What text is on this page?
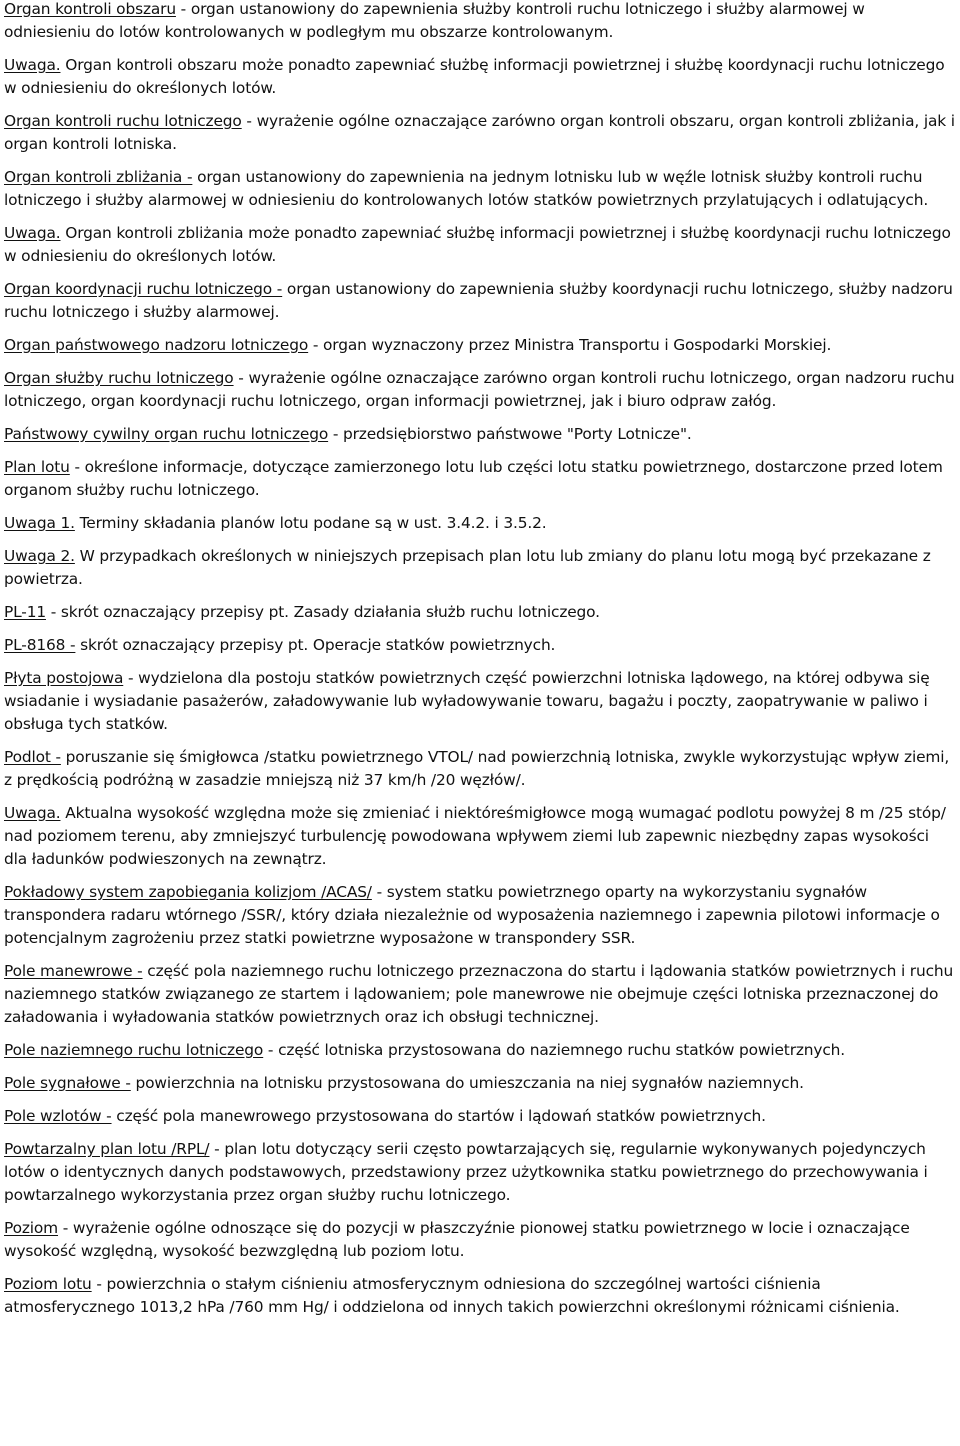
Organ kontroli obszaru - organ ustanowiony do zapewnienia służby kontroli ruchu lotniczego i służby alarmowej w odniesieniu do lotów kontrolowanych w podległym mu obszarze kontrolowanym.

Uwaga. Organ kontroli obszaru może ponadto zapewniać służbę informacji powietrznej i służbę koordynacji ruchu lotniczego w odniesieniu do określonych lotów.

Organ kontroli ruchu lotniczego - wyrażenie ogólne oznaczające zarówno organ kontroli obszaru, organ kontroli zbliżania, jak i organ kontroli lotniska.

Organ kontroli zbliżania - organ ustanowiony do zapewnienia na jednym lotnisku lub w węźle lotnisk służby kontroli ruchu lotniczego i służby alarmowej w odniesieniu do kontrolowanych lotów statków powietrznych przylatujących i odlatujących.

Uwaga. Organ kontroli zbliżania może ponadto zapewniać służbę informacji powietrznej i służbę koordynacji ruchu lotniczego w odniesieniu do określonych lotów.

Organ koordynacji ruchu lotniczego - organ ustanowiony do zapewnienia służby koordynacji ruchu lotniczego, służby nadzoru ruchu lotniczego i służby alarmowej.

Organ państwowego nadzoru lotniczego - organ wyznaczony przez Ministra Transportu i Gospodarki Morskiej.

Organ służby ruchu lotniczego - wyrażenie ogólne oznaczające zarówno organ kontroli ruchu lotniczego, organ nadzoru ruchu lotniczego, organ koordynacji ruchu lotniczego, organ informacji powietrznej, jak i biuro odpraw załóg.

Państwowy cywilny organ ruchu lotniczego - przedsiębiorstwo państwowe "Porty Lotnicze".

Plan lotu - określone informacje, dotyczące zamierzonego lotu lub części lotu statku powietrznego, dostarczone przed lotem organom służby ruchu lotniczego.

Uwaga 1. Terminy składania planów lotu podane są w ust. 3.4.2. i 3.5.2.

Uwaga 2. W przypadkach określonych w niniejszych przepisach plan lotu lub zmiany do planu lotu mogą być przekazane z powietrza.

PL-11 - skrót oznaczający przepisy pt. Zasady działania służb ruchu lotniczego.

PL-8168 - skrót oznaczający przepisy pt. Operacje statków powietrznych.

Płyta postojowa - wydzielona dla postoju statków powietrznych część powierzchni lotniska lądowego, na której odbywa się wsiadanie i wysiadanie pasażerów, załadowywanie lub wyładowywanie towaru, bagażu i poczty, zaopatrywanie w paliwo i obsługa tych statków.

Podlot - poruszanie się śmigłowca /statku powietrznego VTOL/ nad powierzchnią lotniska, zwykle wykorzystując wpływ ziemi, z prędkością podróżną w zasadzie mniejszą niż 37 km/h /20 węzłów/.

Uwaga. Aktualna wysokość względna może się zmieniać i niektóreśmigłowce mogą wumagać podlotu powyżej 8 m /25 stóp/ nad poziomem terenu, aby zmniejszyć turbulencję powodowana wpływem ziemi lub zapewnic niezbędny zapas wysokości dla ładunków podwieszonych na zewnątrz.

Pokładowy system zapobiegania kolizjom /ACAS/ - system statku powietrznego oparty na wykorzystaniu sygnałów transpondera radaru wtórnego /SSR/, który działa niezależnie od wyposażenia naziemnego i zapewnia pilotowi informacje o potencjalnym zagrożeniu przez statki powietrzne wyposażone w transpondery SSR.

Pole manewrowe - część pola naziemnego ruchu lotniczego przeznaczona do startu i lądowania statków powietrznych i ruchu naziemnego statków związanego ze startem i lądowaniem; pole manewrowe nie obejmuje części lotniska przeznaczonej do załadowania i wyładowania statków powietrznych oraz ich obsługi technicznej.

Pole naziemnego ruchu lotniczego - część lotniska przystosowana do naziemnego ruchu statków powietrznych.

Pole sygnałowe - powierzchnia na lotnisku przystosowana do umieszczania na niej sygnałów naziemnych.

Pole wzlotów - część pola manewrowego przystosowana do startów i lądowań statków powietrznych.

Powtarzalny plan lotu /RPL/ - plan lotu dotyczący serii często powtarzających się, regularnie wykonywanych pojedynczych lotów o identycznych danych podstawowych, przedstawiony przez użytkownika statku powietrznego do przechowywania i powtarzalnego wykorzystania przez organ służby ruchu lotniczego.

Poziom - wyrażenie ogólne odnoszące się do pozycji w płaszczyźnie pionowej statku powietrznego w locie i oznaczające wysokość względną, wysokość bezwzględną lub poziom lotu.

Poziom lotu - powierzchnia o stałym ciśnieniu atmosferycznym odniesiona do szczególnej wartości ciśnienia atmosferycznego 1013,2 hPa /760 mm Hg/ i oddzielona od innych takich powierzchni określonymi różnicami ciśnienia.
